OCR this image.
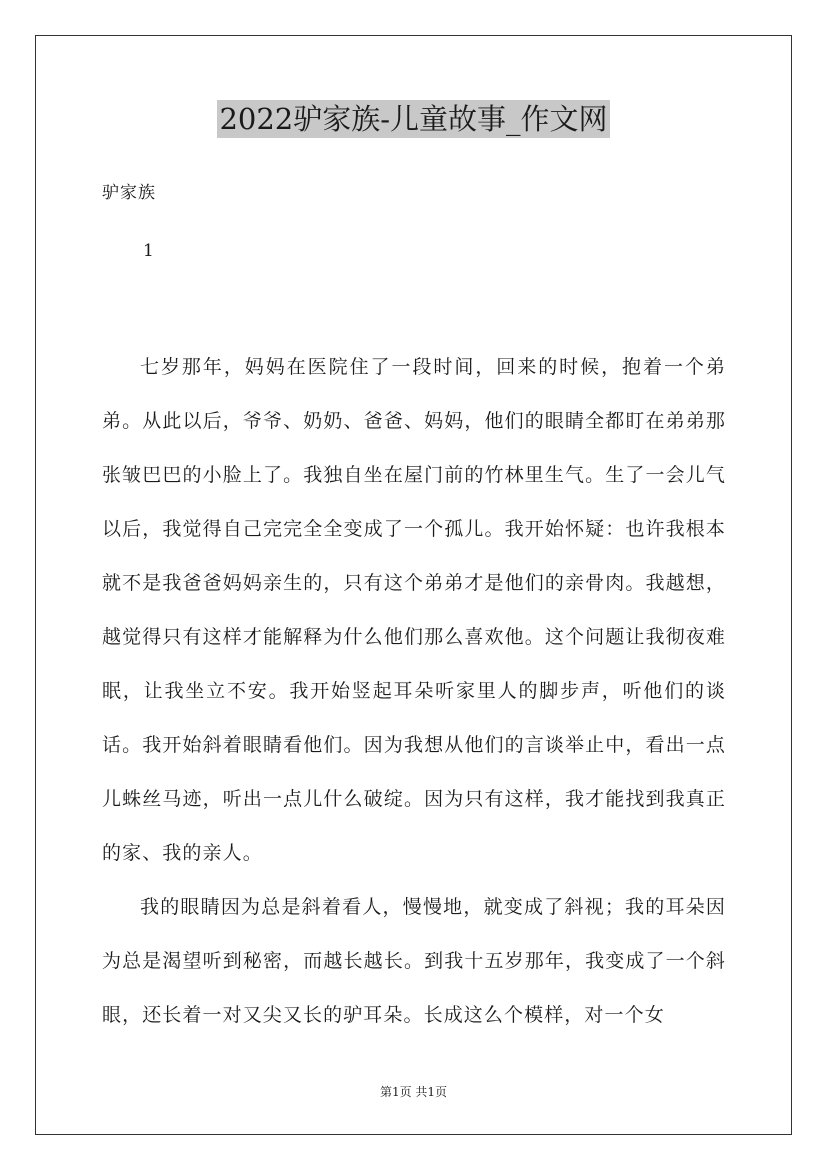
2022驴家族-儿童故事_作文网
驴家族
1

七岁那年，妈妈在医院住了一段时间，回来的时候，抱着一个弟弟。从此以后，爷爷、奶奶、爸爸、妈妈，他们的眼睛全都盯在弟弟那张皱巴巴的小脸上了。我独自坐在屋门前的竹林里生气。生了一会儿气以后，我觉得自己完完全全变成了一个孤儿。我开始怀疑：也许我根本就不是我爸爸妈妈亲生的，只有这个弟弟才是他们的亲骨肉。我越想，越觉得只有这样才能解释为什么他们那么喜欢他。这个问题让我彻夜难眠，让我坐立不安。我开始竖起耳朵听家里人的脚步声，听他们的谈话。我开始斜着眼睛看他们。因为我想从他们的言谈举止中，看出一点儿蛛丝马迹，听出一点儿什么破绽。因为只有这样，我才能找到我真正的家、我的亲人。

我的眼睛因为总是斜着看人，慢慢地，就变成了斜视；我的耳朵因为总是渴望听到秘密，而越长越长。到我十五岁那年，我变成了一个斜眼，还长着一对又尖又长的驴耳朵。长成这么个模样，对一个女

第1页 共1页
